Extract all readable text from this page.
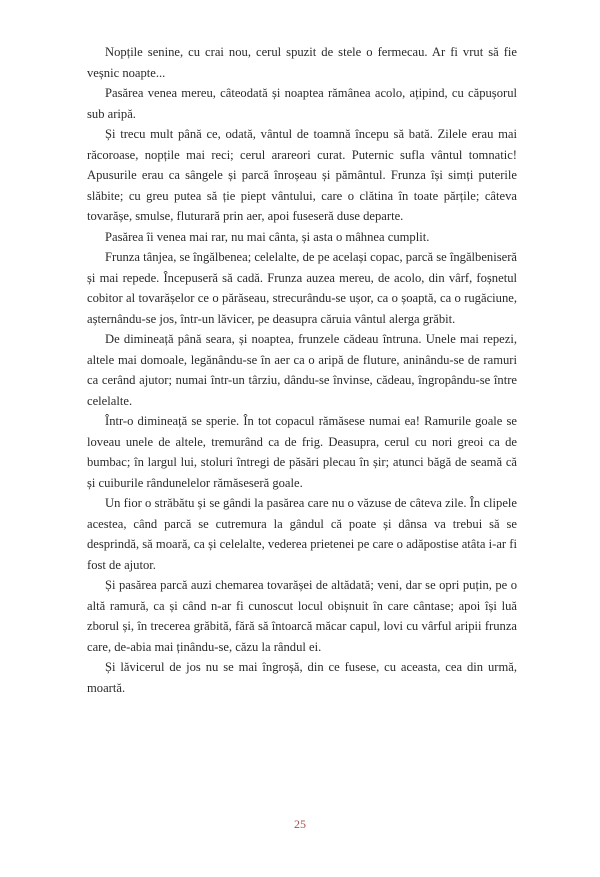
Nopțile senine, cu crai nou, cerul spuzit de stele o fermecau. Ar fi vrut să fie veșnic noapte...

Pasărea venea mereu, câteodată și noaptea rămânea acolo, ațipind, cu căpușorul sub aripă.

Și trecu mult până ce, odată, vântul de toamnă începu să bată. Zilele erau mai răcoroase, nopțile mai reci; cerul arareori curat. Puternic sufla vântul tomnatic! Apusurile erau ca sângele și parcă înroșeau și pământul. Frunza își simți puterile slăbite; cu greu putea să ție piept vântului, care o clătina în toate părțile; câteva tovarășe, smulse, fluturară prin aer, apoi fuseseră duse departe.

Pasărea îi venea mai rar, nu mai cânta, și asta o mâhnea cumplit.

Frunza tânjea, se îngălbenea; celelalte, de pe același copac, parcă se îngălbeniseră și mai repede. Începuseră să cadă. Frunza auzea mereu, de acolo, din vârf, foșnetul cobitor al tovarășelor ce o părăseau, strecurându-se ușor, ca o șoaptă, ca o rugăciune, așternându-se jos, într-un lăvicer, pe deasupra căruia vântul alerga grăbit.

De dimineață până seara, și noaptea, frunzele cădeau întruna. Unele mai repezi, altele mai domoale, legănându-se în aer ca o aripă de fluture, aninându-se de ramuri ca cerând ajutor; numai într-un târziu, dându-se învinse, cădeau, îngropându-se între celelalte.

Într-o dimineață se sperie. În tot copacul rămăsese numai ea! Ramurile goale se loveau unele de altele, tremurând ca de frig. Deasupra, cerul cu nori greoi ca de bumbac; în largul lui, stoluri întregi de păsări plecau în șir; atunci băgă de seamă că și cuiburile rândunelelor rămăseseră goale.

Un fior o străbătu și se gândi la pasărea care nu o văzuse de câteva zile. În clipele acestea, când parcă se cutremura la gândul că poate și dânsa va trebui să se desprindă, să moară, ca și celelalte, vederea prietenei pe care o adăpostise atâta i-ar fi fost de ajutor.

Și pasărea parcă auzi chemarea tovarășei de altădată; veni, dar se opri puțin, pe o altă ramură, ca și când n-ar fi cunoscut locul obișnuit în care cântase; apoi își luă zborul și, în trecerea grăbită, fără să întoarcă măcar capul, lovi cu vârful aripii frunza care, de-abia mai ținându-se, căzu la rândul ei.

Și lăvicerul de jos nu se mai îngroșă, din ce fusese, cu aceasta, cea din urmă, moartă.

25
